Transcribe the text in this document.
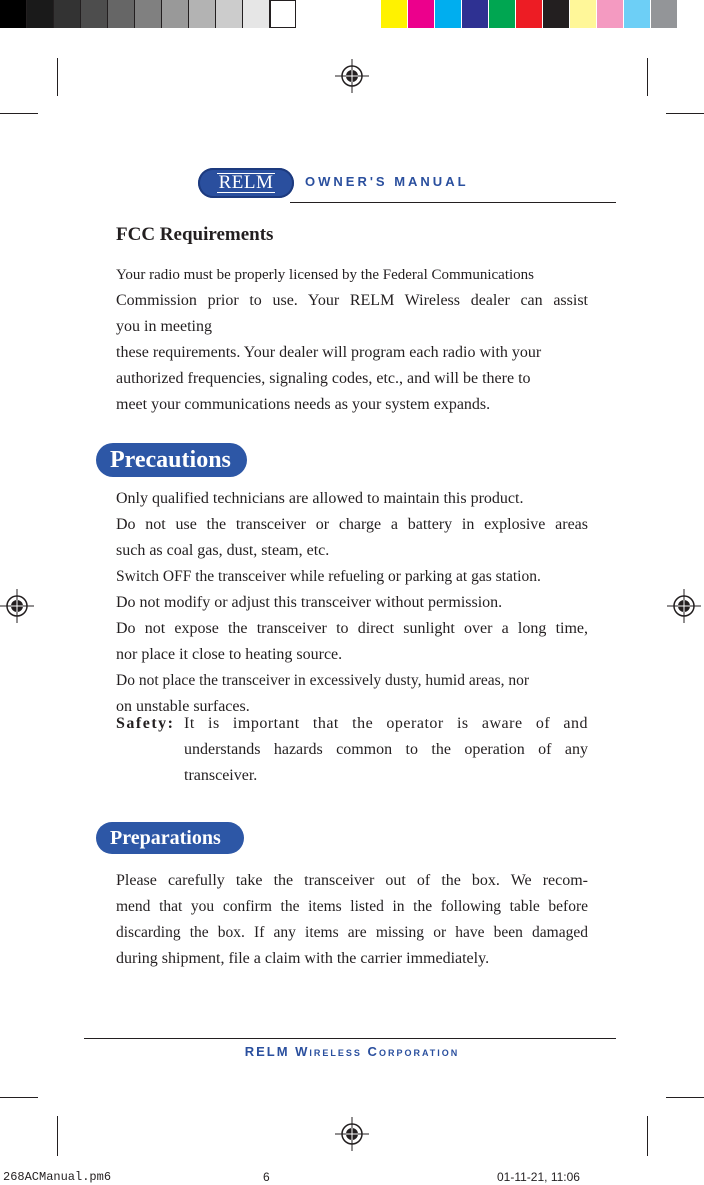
RELM OWNER'S MANUAL
FCC Requirements
Your radio must be properly licensed by the Federal Communications
Commission prior to use. Your RELM Wireless dealer can assist
you in meeting
these requirements. Your dealer will program each radio with your
authorized frequencies, signaling codes, etc., and will be there to
meet your communications needs as your system expands.
Precautions
Only qualified technicians are allowed to maintain this product.
Do not use the transceiver or charge a battery in explosive areas
such as coal gas, dust, steam, etc.
Switch OFF the transceiver while refueling or parking at gas station.
Do not modify or adjust this transceiver without permission.
Do not expose the transceiver to direct sunlight over a long time,
nor place it close to heating source.
Do not place the transceiver in excessively dusty, humid areas, nor
on unstable surfaces.
Safety: It is important that the operator is aware of and
understands hazards common to the operation of any
transceiver.
Preparations
Please carefully take the transceiver out of the box. We recom-
mend that you confirm the items listed in the following table before
discarding the box. If any items are missing or have been damaged
during shipment, file a claim with the carrier immediately.
RELM Wireless Corporation
268ACManual.pm6	6	01-11-21, 11:06
